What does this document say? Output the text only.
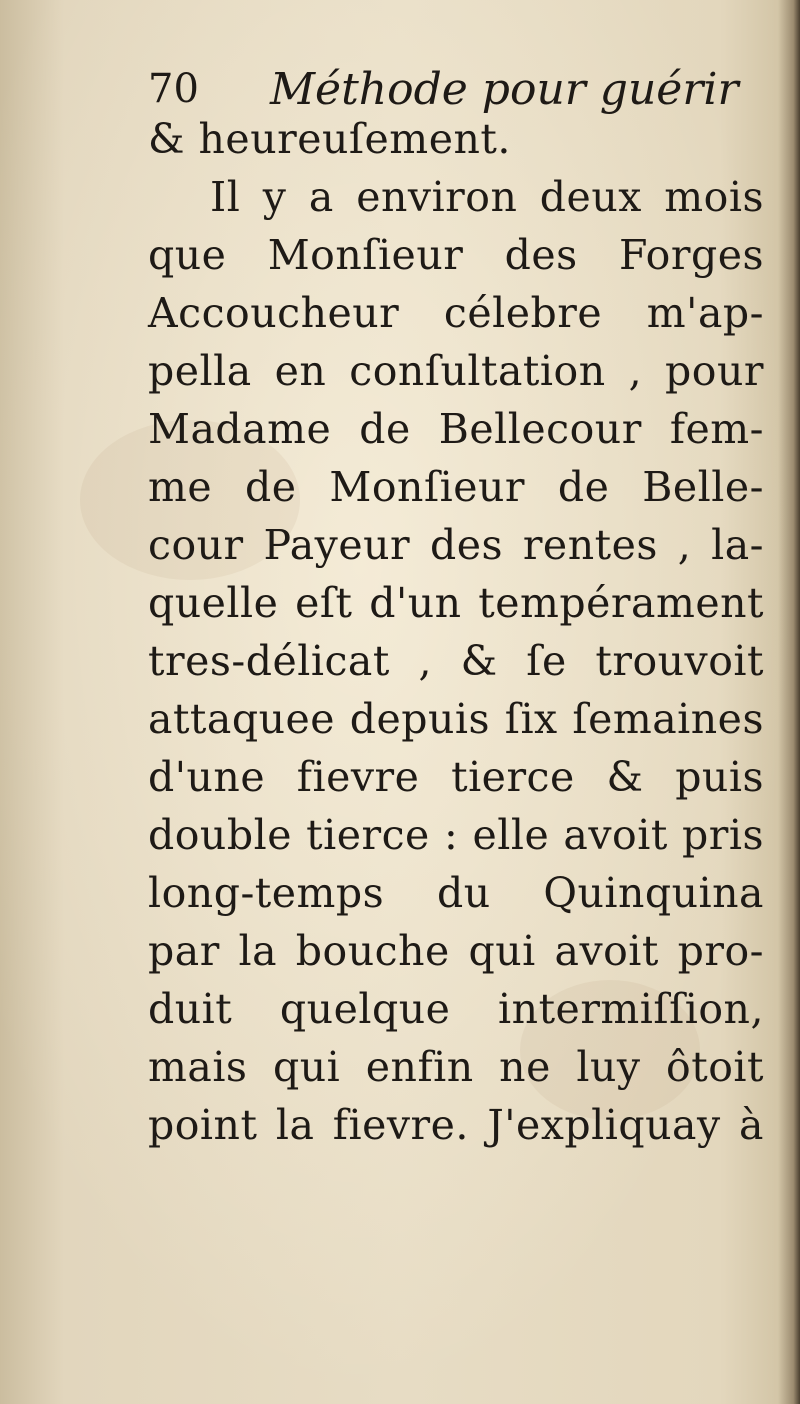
70 Méthode pour guérir
& heureuſement.
Il y a environ deux mois
que Monſieur des Forges
Accoucheur célebre m'ap-
pella en conſultation , pour
Madame de Bellecour fem-
me de Monſieur de Belle-
cour Payeur des rentes , la-
quelle eſt d'un tempérament
tres-délicat , & ſe trouvoit
attaquee depuis ſix ſemaines
d'une fievre tierce & puis
double tierce : elle avoit pris
long-temps du Quinquina
par la bouche qui avoit pro-
duit quelque intermiſſion,
mais qui enfin ne luy ôtoit
point la fievre. J'expliquay à
